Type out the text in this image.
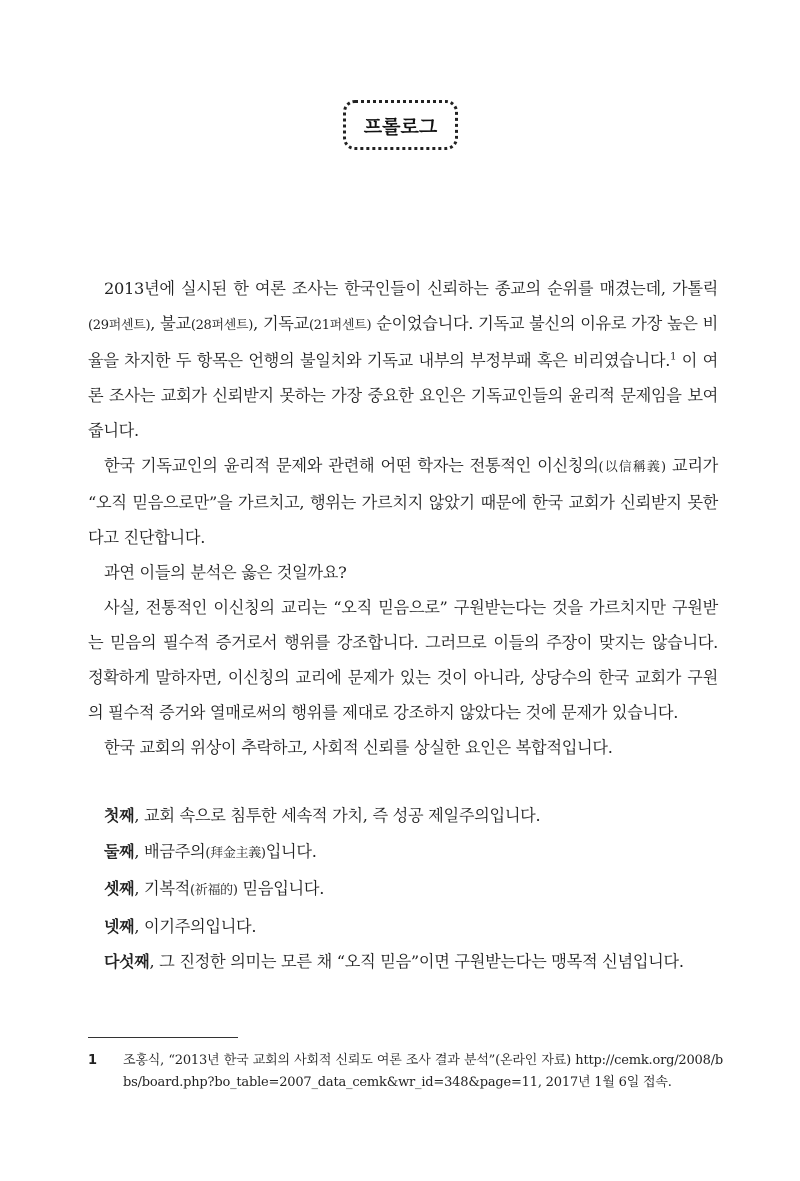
프롤로그

2013년에 실시된 한 여론 조사는 한국인들이 신뢰하는 종교의 순위를 매겼는데, 가톨릭(29퍼센트), 불교(28퍼센트), 기독교(21퍼센트) 순이었습니다. 기독교 불신의 이유로 가장 높은 비율을 차지한 두 항목은 언행의 불일치와 기독교 내부의 부정부패 혹은 비리였습니다.$^1$ 이 여론 조사는 교회가 신뢰받지 못하는 가장 중요한 요인은 기독교인들의 윤리적 문제임을 보여 줍니다.

한국 기독교인의 윤리적 문제와 관련해 어떤 학자는 전통적인 이신칭의(以信稱義) 교리가 “오직 믿음으로만”을 가르치고, 행위는 가르치지 않았기 때문에 한국 교회가 신뢰받지 못한다고 진단합니다.

과연 이들의 분석은 옳은 것일까요?

사실, 전통적인 이신칭의 교리는 “오직 믿음으로” 구원받는다는 것을 가르치지만 구원받는 믿음의 필수적 증거로서 행위를 강조합니다. 그러므로 이들의 주장이 맞지는 않습니다. 정확하게 말하자면, 이신칭의 교리에 문제가 있는 것이 아니라, 상당수의 한국 교회가 구원의 필수적 증거와 열매로써의 행위를 제대로 강조하지 않았다는 것에 문제가 있습니다.

한국 교회의 위상이 추락하고, 사회적 신뢰를 상실한 요인은 복합적입니다.

첫째, 교회 속으로 침투한 세속적 가치, 즉 성공 제일주의입니다.
둘째, 배금주의(拜金主義)입니다.
셋째, 기복적(祈福的) 믿음입니다.
넷째, 이기주의입니다.
다섯째, 그 진정한 의미는 모른 채 “오직 믿음”이면 구원받는다는 맹목적 신념입니다.
1 조홍식, “2013년 한국 교회의 사회적 신뢰도 여론 조사 결과 분석”(온라인 자료) http://cemk.org/2008/bbs/board.php?bo_table=2007_data_cemk&wr_id=348&page=11, 2017년 1월 6일 접속.
